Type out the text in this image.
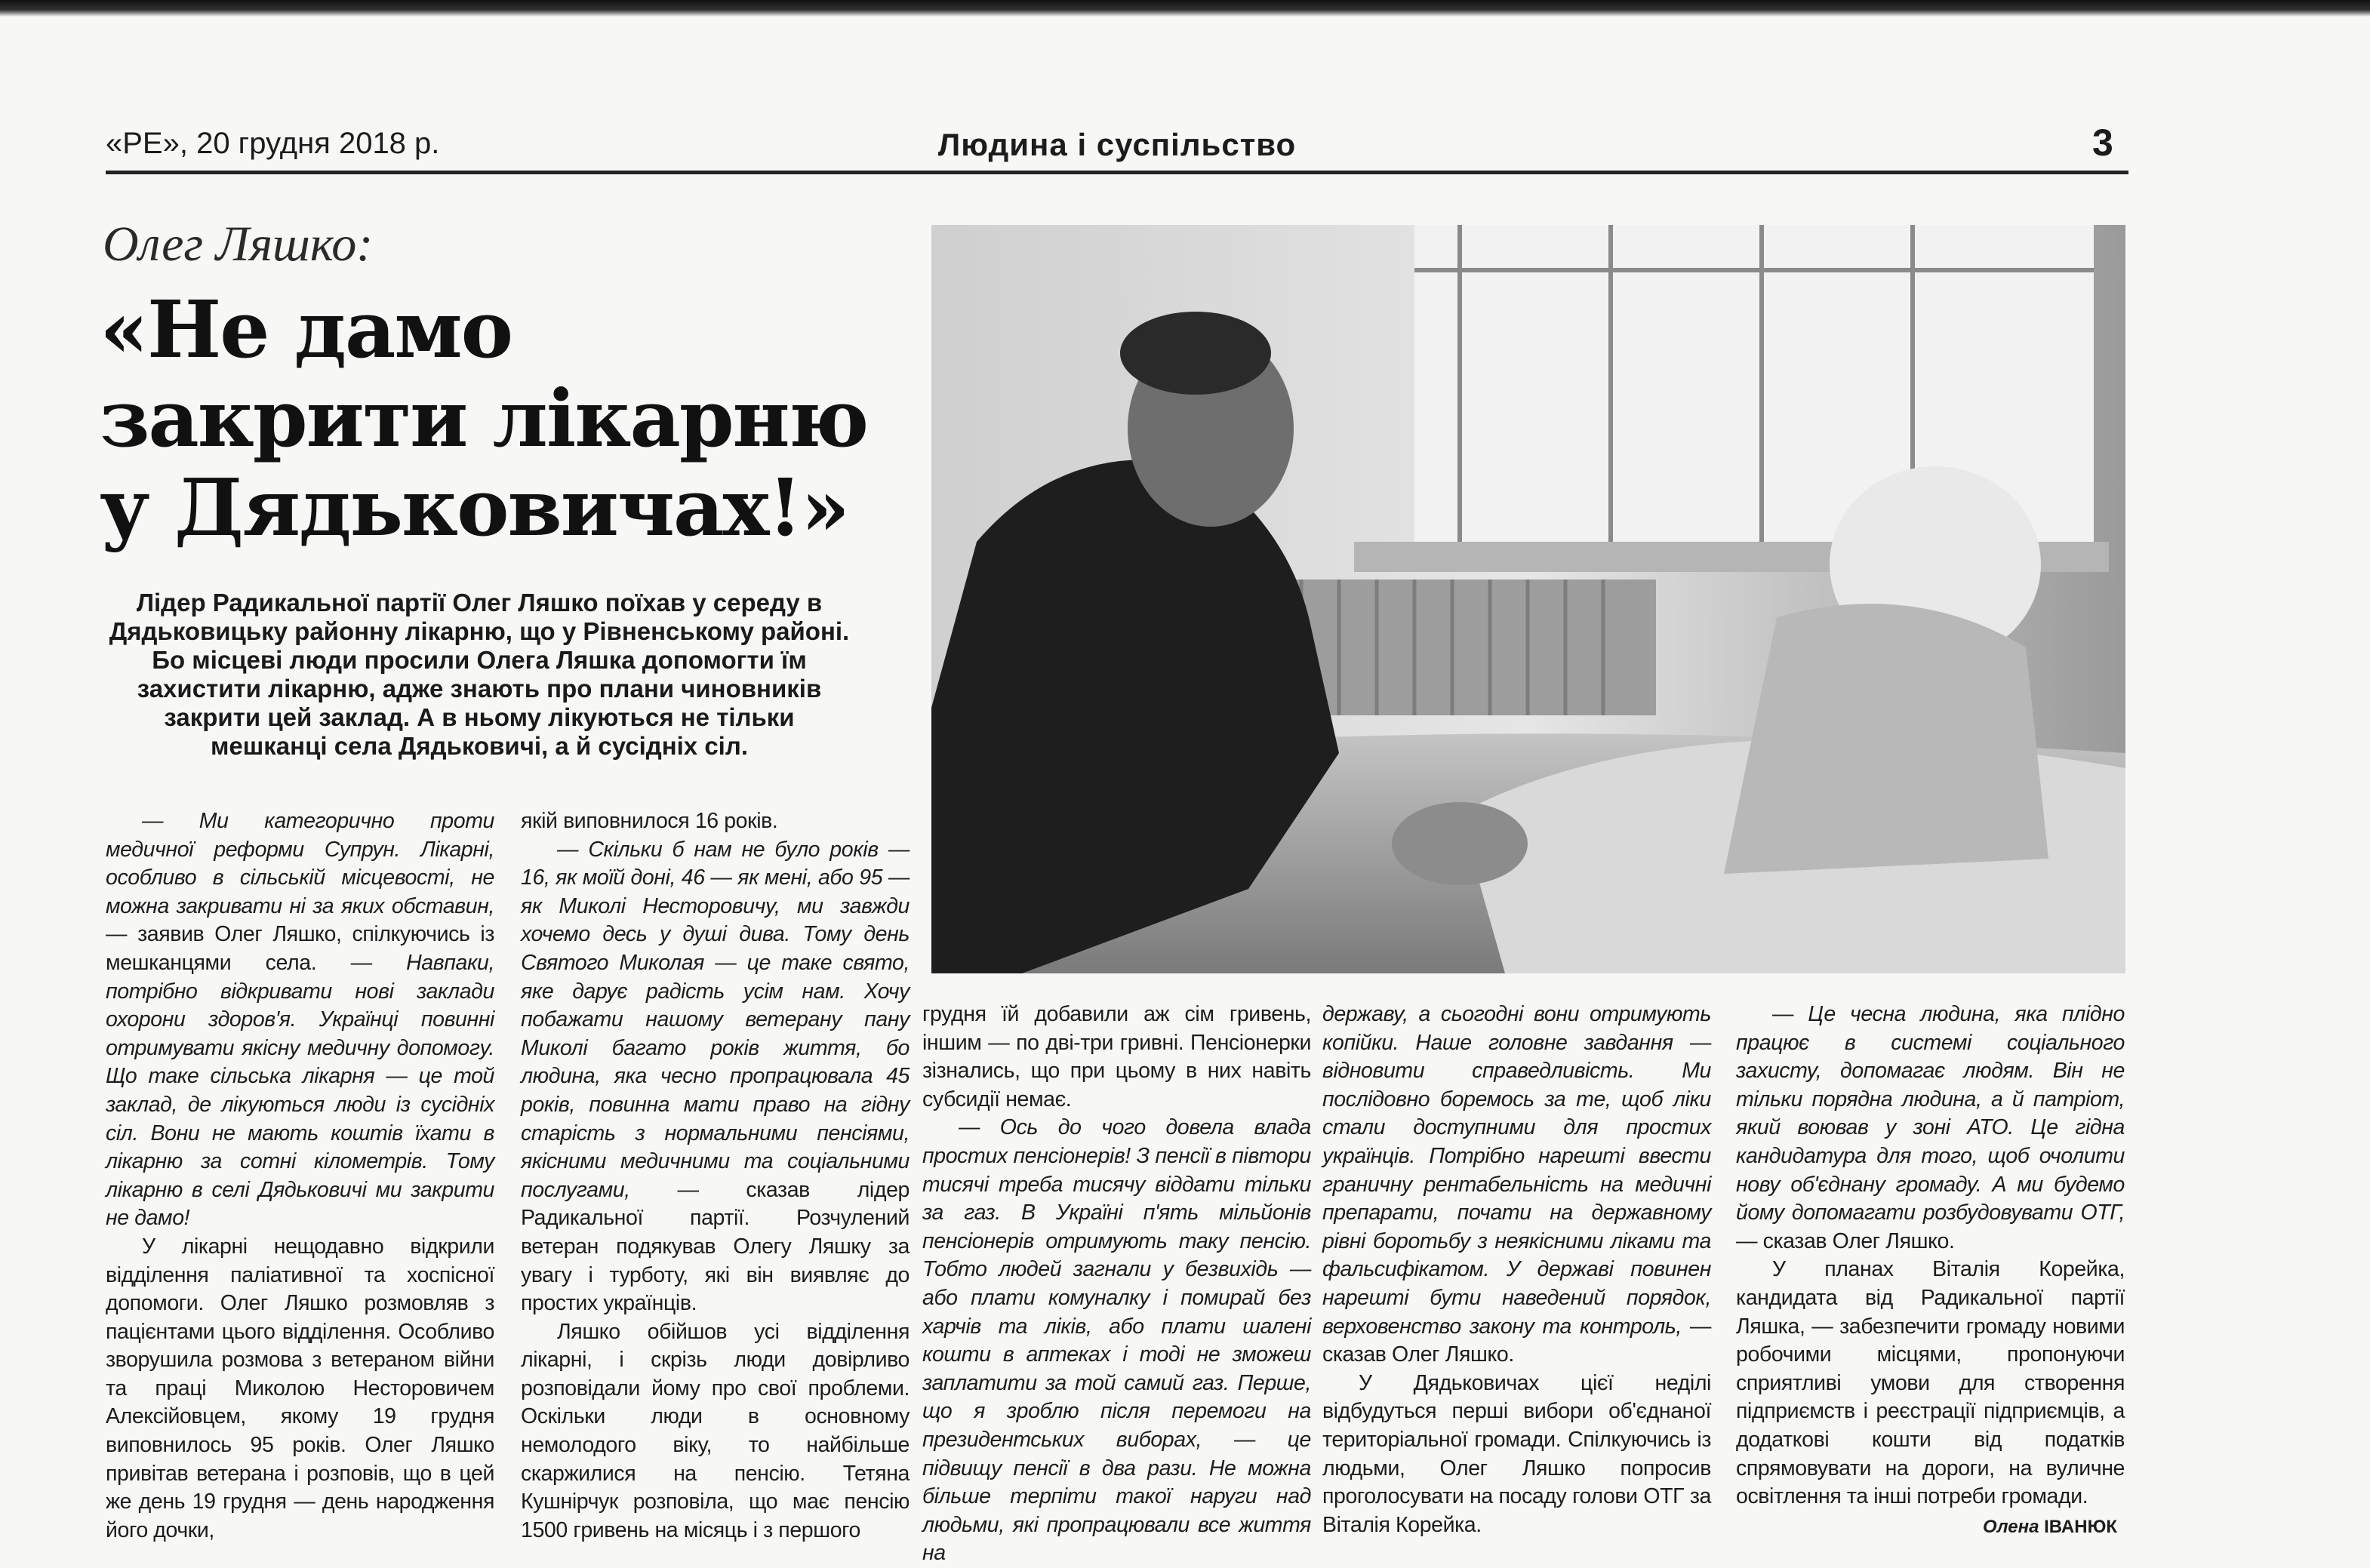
«РЕ», 20 грудня 2018 р.	Людина і суспільство	3
Олег Ляшко:
«Не дамо
закрити лікарню
у Дядьковичах!»
Лідер Радикальної партії Олег Ляшко поїхав у середу в Дядьковицьку районну лікарню, що у Рівненському районі. Бо місцеві люди просили Олега Ляшка допомогти їм захистити лікарню, адже знають про плани чиновників закрити цей заклад. А в ньому лікуються не тільки мешканці села Дядьковичі, а й сусідніх сіл.

— Ми категорично проти медичної реформи Супрун. Лікарні, особливо в сільській місцевості, не можна закривати ні за яких обставин, — заявив Олег Ляшко, спілкуючись із мешканцями села. — Навпаки, потрібно відкривати нові заклади охорони здоров'я. Українці повинні отримувати якісну медичну допомогу. Що таке сільська лікарня — це той заклад, де лікуються люди із сусідніх сіл. Вони не мають коштів їхати в лікарню за сотні кілометрів. Тому лікарню в селі Дядьковичі ми закрити не дамо!

У лікарні нещодавно відкрили відділення паліативної та хоспісної допомоги. Олег Ляшко розмовляв з пацієнтами цього відділення. Особливо зворушила розмова з ветераном війни та праці Миколою Несторовичем Алексійовцем, якому 19 грудня виповнилось 95 років. Олег Ляшко привітав ветерана і розповів, що в цей же день 19 грудня — день народження його дочки,

якій виповнилося 16 років.

— Скільки б нам не було років — 16, як моїй доні, 46 — як мені, або 95 — як Миколі Несторовичу, ми завжди хочемо десь у душі дива. Тому день Святого Миколая — це таке свято, яке дарує радість усім нам. Хочу побажати нашому ветерану пану Миколі багато років життя, бо людина, яка чесно пропрацювала 45 років, повинна мати право на гідну старість з нормальними пенсіями, якісними медичними та соціальними послугами, — сказав лідер Радикальної партії. Розчулений ветеран подякував Олегу Ляшку за увагу і турботу, які він виявляє до простих українців.

Ляшко обійшов усі відділення лікарні, і скрізь люди довірливо розповідали йому про свої проблеми. Оскільки люди в основному немолодого віку, то найбільше скаржилися на пенсію. Тетяна Кушнірчук розповіла, що має пенсію 1500 гривень на місяць і з першого

грудня їй добавили аж сім гривень, іншим — по дві-три гривні. Пенсіонерки зізнались, що при цьому в них навіть субсидії немає.

— Ось до чого довела влада простих пенсіонерів! З пенсії в півтори тисячі треба тисячу віддати тільки за газ. В Україні п'ять мільйонів пенсіонерів отримують таку пенсію. Тобто людей загнали у безвихідь — або плати комуналку і помирай без харчів та ліків, або плати шалені кошти в аптеках і тоді не зможеш заплатити за той самий газ. Перше, що я зроблю після перемоги на президентських виборах, — це підвищу пенсії в два рази. Не можна більше терпіти такої наруги над людьми, які пропрацювали все життя на

державу, а сьогодні вони отримують копійки. Наше головне завдання — відновити справедливість. Ми послідовно боремось за те, щоб ліки стали доступними для простих українців. Потрібно нарешті ввести граничну рентабельність на медичні препарати, почати на державному рівні боротьбу з неякісними ліками та фальсифікатом. У державі повинен нарешті бути наведений порядок, верховенство закону та контроль, — сказав Олег Ляшко.

У Дядьковичах цієї неділі відбудуться перші вибори об'єднаної територіальної громади. Спілкуючись із людьми, Олег Ляшко попросив проголосувати на посаду голови ОТГ за Віталія Корейка.

— Це чесна людина, яка плідно працює в системі соціального захисту, допомагає людям. Він не тільки порядна людина, а й патріот, який воював у зоні АТО. Це гідна кандидатура для того, щоб очолити нову об'єднану громаду. А ми будемо йому допомагати розбудовувати ОТГ, — сказав Олег Ляшко.

У планах Віталія Корейка, кандидата від Радикальної партії Ляшка, — забезпечити громаду новими робочими місцями, пропонуючи сприятливі умови для створення підприємств і реєстрації підприємців, а додаткові кошти від податків спрямовувати на дороги, на вуличне освітлення та інші потреби громади.

Олена ІВАНЮК
